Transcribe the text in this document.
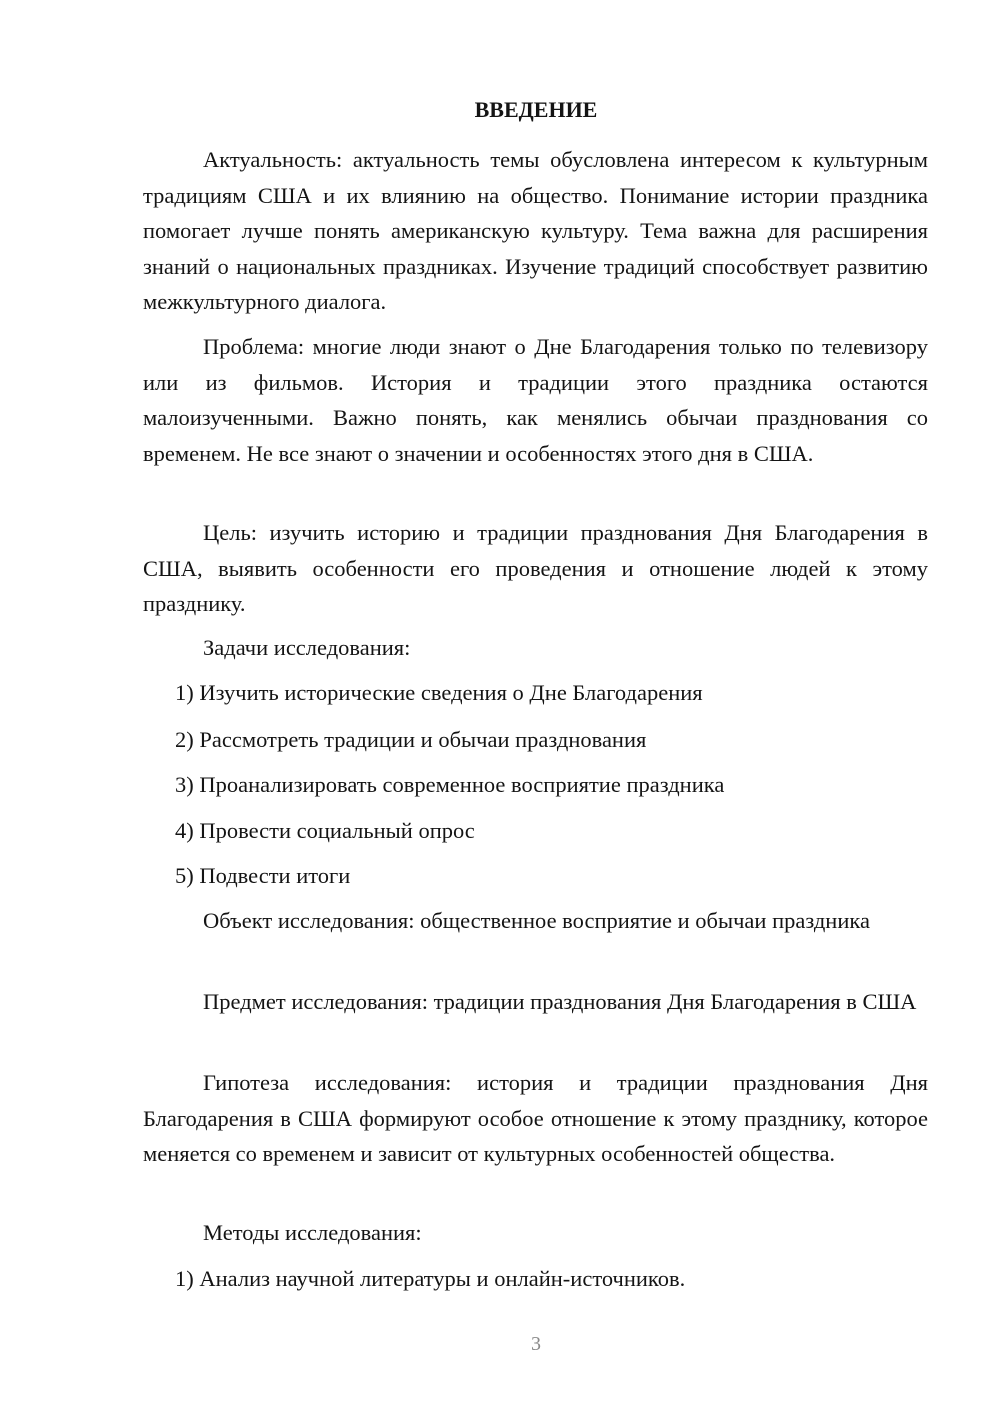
ВВЕДЕНИЕ

Актуальность: актуальность темы обусловлена интересом к культурным традициям США и их влиянию на общество. Понимание истории праздника помогает лучше понять американскую культуру. Тема важна для расширения знаний о национальных праздниках. Изучение традиций способствует развитию межкультурного диалога.

Проблема: многие люди знают о Дне Благодарения только по телевизору или из фильмов. История и традиции этого праздника остаются малоизученными. Важно понять, как менялись обычаи празднования со временем. Не все знают о значении и особенностях этого дня в США.

Цель: изучить историю и традиции празднования Дня Благодарения в США, выявить особенности его проведения и отношение людей к этому празднику.

Задачи исследования:

1) Изучить исторические сведения о Дне Благодарения
2) Рассмотреть традиции и обычаи празднования
3) Проанализировать современное восприятие праздника
4) Провести социальный опрос
5) Подвести итоги

Объект исследования: общественное восприятие и обычаи праздника

Предмет исследования: традиции празднования Дня Благодарения в США

Гипотеза исследования: история и традиции празднования Дня Благодарения в США формируют особое отношение к этому празднику, которое меняется со временем и зависит от культурных особенностей общества.

Методы исследования:

1) Анализ научной литературы и онлайн-источников.
3
